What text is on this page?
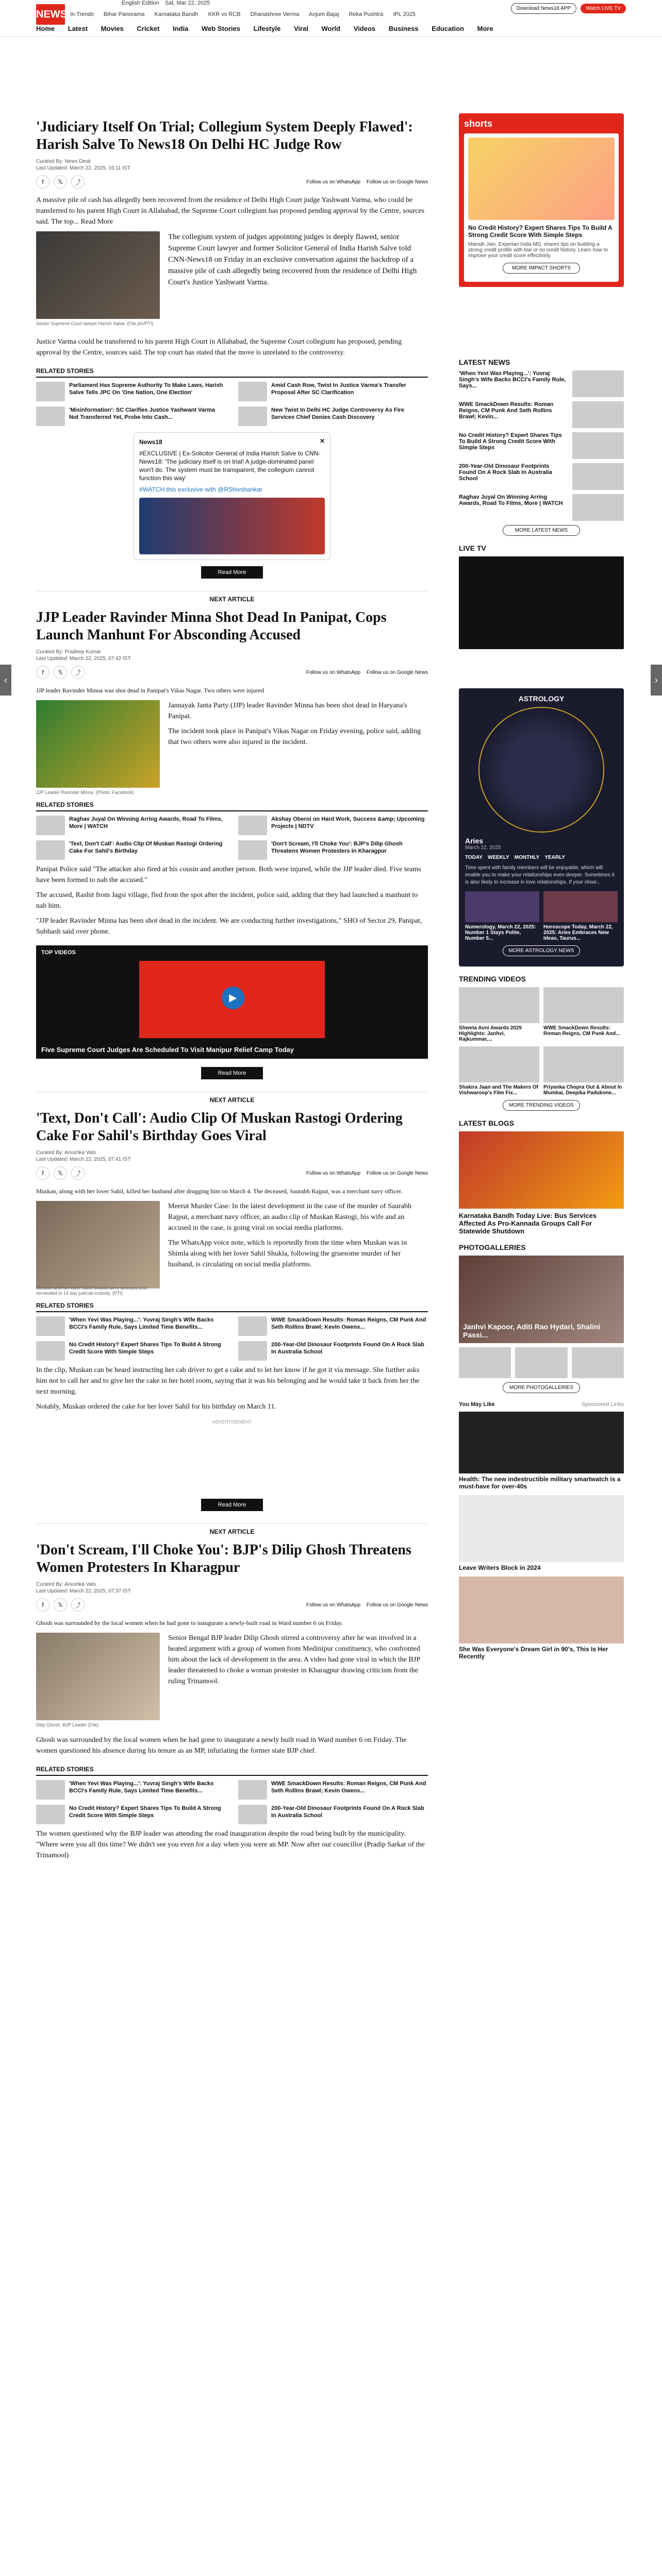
NEWS 18
English Edition Sat, Mar 22, 2025
In Trends Bihar Panorama Karnataka Bandh KKR vs RCB Dhanashree Verma Anjum Bajaj Reka Pushtra IPL 2025
Download News18 APP	Watch LIVE TV
Home Latest Movies Cricket India Web Stories Lifestyle Viral World Videos Business Education More
‹	›
'Judiciary Itself On Trial; Collegium System Deeply Flawed': Harish Salve To News18 On Delhi HC Judge Row
Curated By: News Desk
Last Updated: March 22, 2025, 16:11 IST
f	𝕏	⤴	Follow us on WhatsApp Follow us on Google News

A massive pile of cash has allegedly been recovered from the residence of Delhi High Court judge Yashwant Varma, who could be transferred to his parent High Court in Allahabad, the Supreme Court collegium has proposed pending approval by the Centre, sources said. The top... Read More

Senior Supreme Court lawyer Harish Salve. (File pic/PTI)

The collegium system of judges appointing judges is deeply flawed, senior Supreme Court lawyer and former Solicitor General of India Harish Salve told CNN-News18 on Friday in an exclusive conversation against the backdrop of a massive pile of cash allegedly being recovered from the residence of Delhi High Court's Justice Yashwant Varma.

Justice Varma could be transferred to his parent High Court in Allahabad, the Supreme Court collegium has proposed, pending approval by the Centre, sources said. The top court has stated that the move is unrelated to the controversy.

RELATED STORIES
Parliament Has Supreme Authority To Make Laws, Harish Salve Tells JPC On 'One Nation, One Election'
Amid Cash Row, Twist In Justice Varma's Transfer Proposal After SC Clarification
'Misinformation': SC Clarifies Justice Yashwant Varma Not Transferred Yet, Probe Into Cash...
New Twist In Delhi HC Judge Controversy As Fire Services Chief Denies Cash Discovery
News18	✕
#EXCLUSIVE | Ex-Solicitor General of India Harish Salve to CNN-News18: 'The judiciary itself is on trial! A judge-dominated panel won't do. The system must be transparent, the collegium cannot function this way'
#WATCH this exclusive with @RShivshankar
Read More
NEXT ARTICLE
JJP Leader Ravinder Minna Shot Dead In Panipat, Cops Launch Manhunt For Absconding Accused
Curated By: Pradeep Kumar
Last Updated: March 22, 2025, 07:42 IST
f	𝕏	⤴	Follow us on WhatsApp Follow us on Google News

JJP leader Ravinder Minna was shot dead in Panipat's Vikas Nagar. Two others were injured

JJP Leader Ravinder Minna. (Photo: Facebook)

Jannayak Janta Party (JJP) leader Ravinder Minna has been shot dead in Haryana's Panipat.

The incident took place in Panipat's Vikas Nagar on Friday evening, police said, adding that two others were also injured in the incident.

RELATED STORIES
Raghav Juyal On Winning Arring Awards, Road To Films, More | WATCH
Akshay Oberoi on Hard Work, Success &amp; Upcoming Projects | NDTV
'Text, Don't Call': Audio Clip Of Muskan Rastogi Ordering Cake For Sahil's Birthday
'Don't Scream, I'll Choke You': BJP's Dilip Ghosh Threatens Women Protesters In Kharagpur

Panipat Police said "The attacker also fired at his cousin and another person. Both were injured, while the JJP leader died. Five teams have been formed to nab the accused."

The accused, Rashit from Jagsi village, fled from the spot after the incident, police said, adding that they had launched a manhunt to nab him.

"JJP leader Ravinder Minna has been shot dead in the incident. We are conducting further investigations," SHO of Sector 29, Panipat, Subhash said over phone.

TOP VIDEOS
▶
Five Supreme Court Judges Are Scheduled To Visit Manipur Relief Camp Today
Read More
NEXT ARTICLE
'Text, Don't Call': Audio Clip Of Muskan Rastogi Ordering Cake For Sahil's Birthday Goes Viral
Curated By: Anushka Vats
Last Updated: March 22, 2025, 07:41 IST
f	𝕏	⤴	Follow us on WhatsApp Follow us on Google News

Muskan, along with her lover Sahil, killed her husband after drugging him on March 4. The deceased, Saurabh Rajput, was a merchant navy officer.

Muskan and her lover Sahil Shukla were arrested and remanded to 14 day judicial custody. (PTI)

Meerut Murder Case: In the latest development in the case of the murder of Saurabh Rajput, a merchant navy officer, an audio clip of Muskan Rastogi, his wife and an accused in the case, is going viral on social media platforms.

The WhatsApp voice note, which is reportedly from the time when Muskan was in Shimla along with her lover Sahil Shukla, following the gruesome murder of her husband, is circulating on social media platforms.

RELATED STORIES
'When Yevi Was Playing...': Yuvraj Singh's Wife Backs BCCI's Family Rule, Says Limited Time Benefits...
WWE SmackDown Results: Roman Reigns, CM Punk And Seth Rollins Brawl; Kevin Owens...
No Credit History? Expert Shares Tips To Build A Strong Credit Score With Simple Steps
200-Year-Old Dinosaur Footprints Found On A Rock Slab In Australia School

In the clip, Muskan can be heard instructing her cab driver to get a cake and to let her know if he got it via message. She further asks him not to call her and to give her the cake in her hotel room, saying that it was his belonging and he would take it back from her the next morning.

Notably, Muskan ordered the cake for her lover Sahil for his birthday on March 11.

ADVERTISEMENT
Read More
NEXT ARTICLE
'Don't Scream, I'll Choke You': BJP's Dilip Ghosh Threatens Women Protesters In Kharagpur
Curated By: Anushka Vats
Last Updated: March 22, 2025, 07:37 IST
f	𝕏	⤴	Follow us on WhatsApp Follow us on Google News

Ghosh was surrounded by the local women when he had gone to inaugurate a newly-built road in Ward number 6 on Friday.

Dilip Ghosh, BJP Leader (File)

Senior Bengal BJP leader Dilip Ghosh stirred a controversy after he was involved in a heated argument with a group of women from Medinipur constituency, who confronted him about the lack of development in the area. A video had gone viral in which the BJP leader threatened to choke a woman protester in Kharagpur drawing criticism from the ruling Trinamool.

Ghosh was surrounded by the local women when he had gone to inaugurate a newly built road in Ward number 6 on Friday. The women questioned his absence during his tenure as an MP, infuriating the former state BJP chief.

RELATED STORIES
'When Yevi Was Playing...': Yuvraj Singh's Wife Backs BCCI's Family Rule, Says Limited Time Benefits...
WWE SmackDown Results: Roman Reigns, CM Punk And Seth Rollins Brawl; Kevin Owens...
No Credit History? Expert Shares Tips To Build A Strong Credit Score With Simple Steps
200-Year-Old Dinosaur Footprints Found On A Rock Slab In Australia School

The women questioned why the BJP leader was attending the road inauguration despite the road being built by the municipality. "Where were you all this time? We didn't see you even for a day when you were an MP. Now after our councillor (Pradip Sarkar of the Trinamool)

shorts
No Credit History? Expert Shares Tips To Build A Strong Credit Score With Simple Steps
Mansih Jain, Experian India MD, shares tips on building a strong credit profile with low or no credit history. Learn how to improve your credit score effectively.
MORE IMPACT SHORTS
LATEST NEWS
'When Yevi Was Playing...': Yuvraj Singh's Wife Backs BCCI's Family Rule, Says...
WWE SmackDown Results: Roman Reigns, CM Punk And Seth Rollins Brawl; Kevin...
No Credit History? Expert Shares Tips To Build A Strong Credit Score With Simple Steps
200-Year-Old Dinosaur Footprints Found On A Rock Slab In Australia School
Raghav Juyal On Winning Arring Awards, Road To Films, More | WATCH
MORE LATEST NEWS
LIVE TV
ASTROLOGY
Aries
March 22, 2025
TODAY WEEKLY MONTHLY YEARLY
Time spent with family members will be enjoyable, which will enable you to make your relationships even deeper. Sometimes it is also likely to increase in love relationships. If your close...
Numerology, March 22, 2025: Number 1 Stays Polite, Number 5...
Horoscope Today, March 22, 2025: Aries Embraces New Ideas, Taurus...
MORE ASTROLOGY NEWS
TRENDING VIDEOS
Shweta Avni Awards 2025 Highlights: Janhvi, Rajkummar,...
WWE SmackDown Results: Roman Reigns, CM Punk And...
Shakira Jaan and The Makers Of Vishwaroop's Film Fix...
Priyanka Chopra Out & About In Mumbai, Deepika Padukone...
MORE TRENDING VIDEOS
LATEST BLOGS
Karnataka Bandh Today Live: Bus Services Affected As Pro-Kannada Groups Call For Statewide Shutdown
PHOTOGALLERIES
Janhvi Kapoor, Aditi Rao Hydari, Shalini Passi...
MORE PHOTOGALLERIES
You May Like	Sponsored Links
Health: The new indestructible military smartwatch is a must-have for over-40s
Leave Writers Block in 2024
She Was Everyone's Dream Girl in 90's, This Is Her Recently
